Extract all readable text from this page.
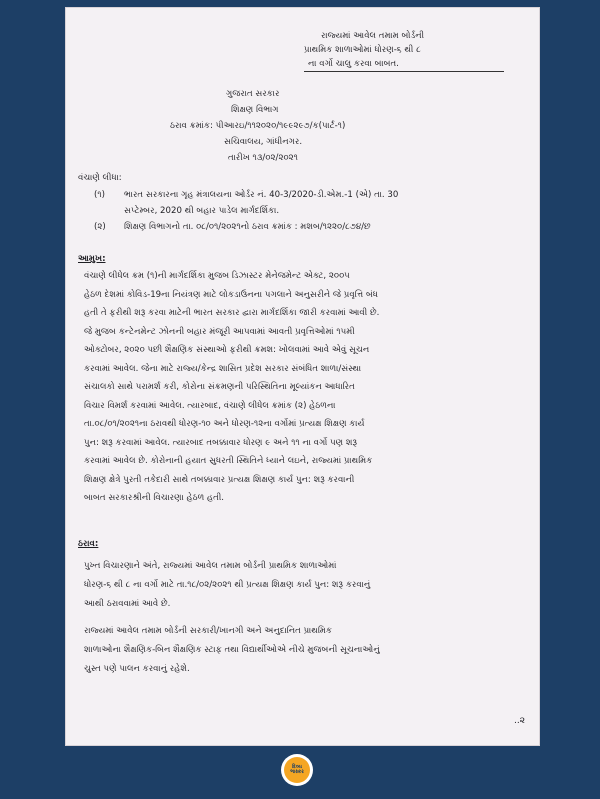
રાજ્યમાં આવેલ તમામ બોર્ડની
પ્રાથમિક શાળાઓમાં ધોરણ-૬ થી ૮
ના વર્ગો ચાલુ કરવા બાબત.
ગુજરાત સરકાર
શિક્ષણ વિભાગ
ઠરાવ ક્રમાંક: પીઆરઇ/૧૧૨૦૨૦/૧૯૯૨૯૭/ક(પાર્ટ-૧)
સચિવાલય, ગાંધીનગર.
તારીખ ૧૩/૦૨/૨૦૨૧
વંચાણે લીધા:
(૧) ભારત સરકારના ગૃહ મંત્રાલયના ઓર્ડર નં. 40-3/2020-ડી.એમ.-1 (એ) તા. 30
સપ્ટેમ્બર, 2020 થી બહાર પાડેલ માર્ગદર્શિકા.
(૨) શિક્ષણ વિભાગનો તા. ૦૮/૦૧/૨૦૨૧નો ઠરાવ ક્રમાંક : મશબ/૧૨૨૦/૮૭૪/છ
આમુખ:
વંચાણે લીધેલ ક્રમ (૧)ની માર્ગદર્શિકા મુજબ ડિઝાસ્ટર મેનેજમેન્ટ એક્ટ, ૨૦૦૫
હેઠળ દેશમાં કોવિડ-19ના નિયંત્રણ માટે લોકડાઉનના પગલાને અનુસરીને જે પ્રવૃત્તિ બંધ
હતી તે ફરીથી શરૂ કરવા માટેની ભારત સરકાર દ્વારા માર્ગદર્શિકા જારી કરવામાં આવી છે.
જે મુજબ કન્ટેનમેન્ટ ઝોનની બહાર મંજૂરી આપવામાં આવતી પ્રવૃત્તિઓમાં ૧૫મી
ઓક્ટોબર, ૨૦૨૦ પછી શૈક્ષણિક સંસ્થાઓ ફરીથી ક્રમશ: ખોલવામાં આવે એવું સૂચન
કરવામાં આવેલ. જેના માટે રાજ્ય/કેન્દ્ર શાસિત પ્રદેશ સરકાર સંબંધિત શાળા/સંસ્થા
સંચાલકો સાથે પરામર્શ કરી, કોરોના સંક્રમણની પરિસ્થિતિના મૂલ્યાંકન આધારિત
વિચાર વિમર્શ કરવામાં આવેલ. ત્યારબાદ, વંચાણે લીધેલ ક્રમાંક (૨) હેઠળના
તા.૦૮/૦૧/૨૦૨૧ના ઠરાવથી ધોરણ-૧૦ અને ધોરણ-૧૨ના વર્ગોમાં પ્રત્યક્ષ શિક્ષણ કાર્ય
પુન: શરૂ કરવામાં આવેલ. ત્યારબાદ તબક્કાવાર ધોરણ ૯ અને ૧૧ ના વર્ગો પણ શરૂ
કરવામાં આવેલ છે. કોરોનાની હયાત સુધરતી સ્થિતિને ધ્યાને લઇને, રાજ્યમાં પ્રાથમિક
શિક્ષણ ક્ષેત્રે પુરતી તકેદારી સાથે તબક્કાવાર પ્રત્યક્ષ શિક્ષણ કાર્ય પુન: શરૂ કરવાની
બાબત સરકારશ્રીની વિચારણા હેઠળ હતી.
ઠરાવ:
પુખ્ત વિચારણાને અંતે, રાજ્યમાં આવેલ તમામ બોર્ડની પ્રાથમિક શાળાઓમાં
ધોરણ-૬ થી ૮ ના વર્ગો માટે તા.૧૮/૦૨/૨૦૨૧ થી પ્રત્યક્ષ શિક્ષણ કાર્ય પુન: શરૂ કરવાનું
આથી ઠરાવવામાં આવે છે.
રાજ્યમાં આવેલ તમામ બોર્ડની સરકારી/ખાનગી અને અનુદાનિત પ્રાથમિક
શાળાઓના શૈક્ષણિક-બિન શૈક્ષણિક સ્ટાફ તથા વિદ્યાર્થીઓએ નીચે મુજબની સૂચનાઓનું
ચુસ્ત પણે પાલન કરવાનું રહેશે.
..૨
દિવ્ય
ભાસ્કર
